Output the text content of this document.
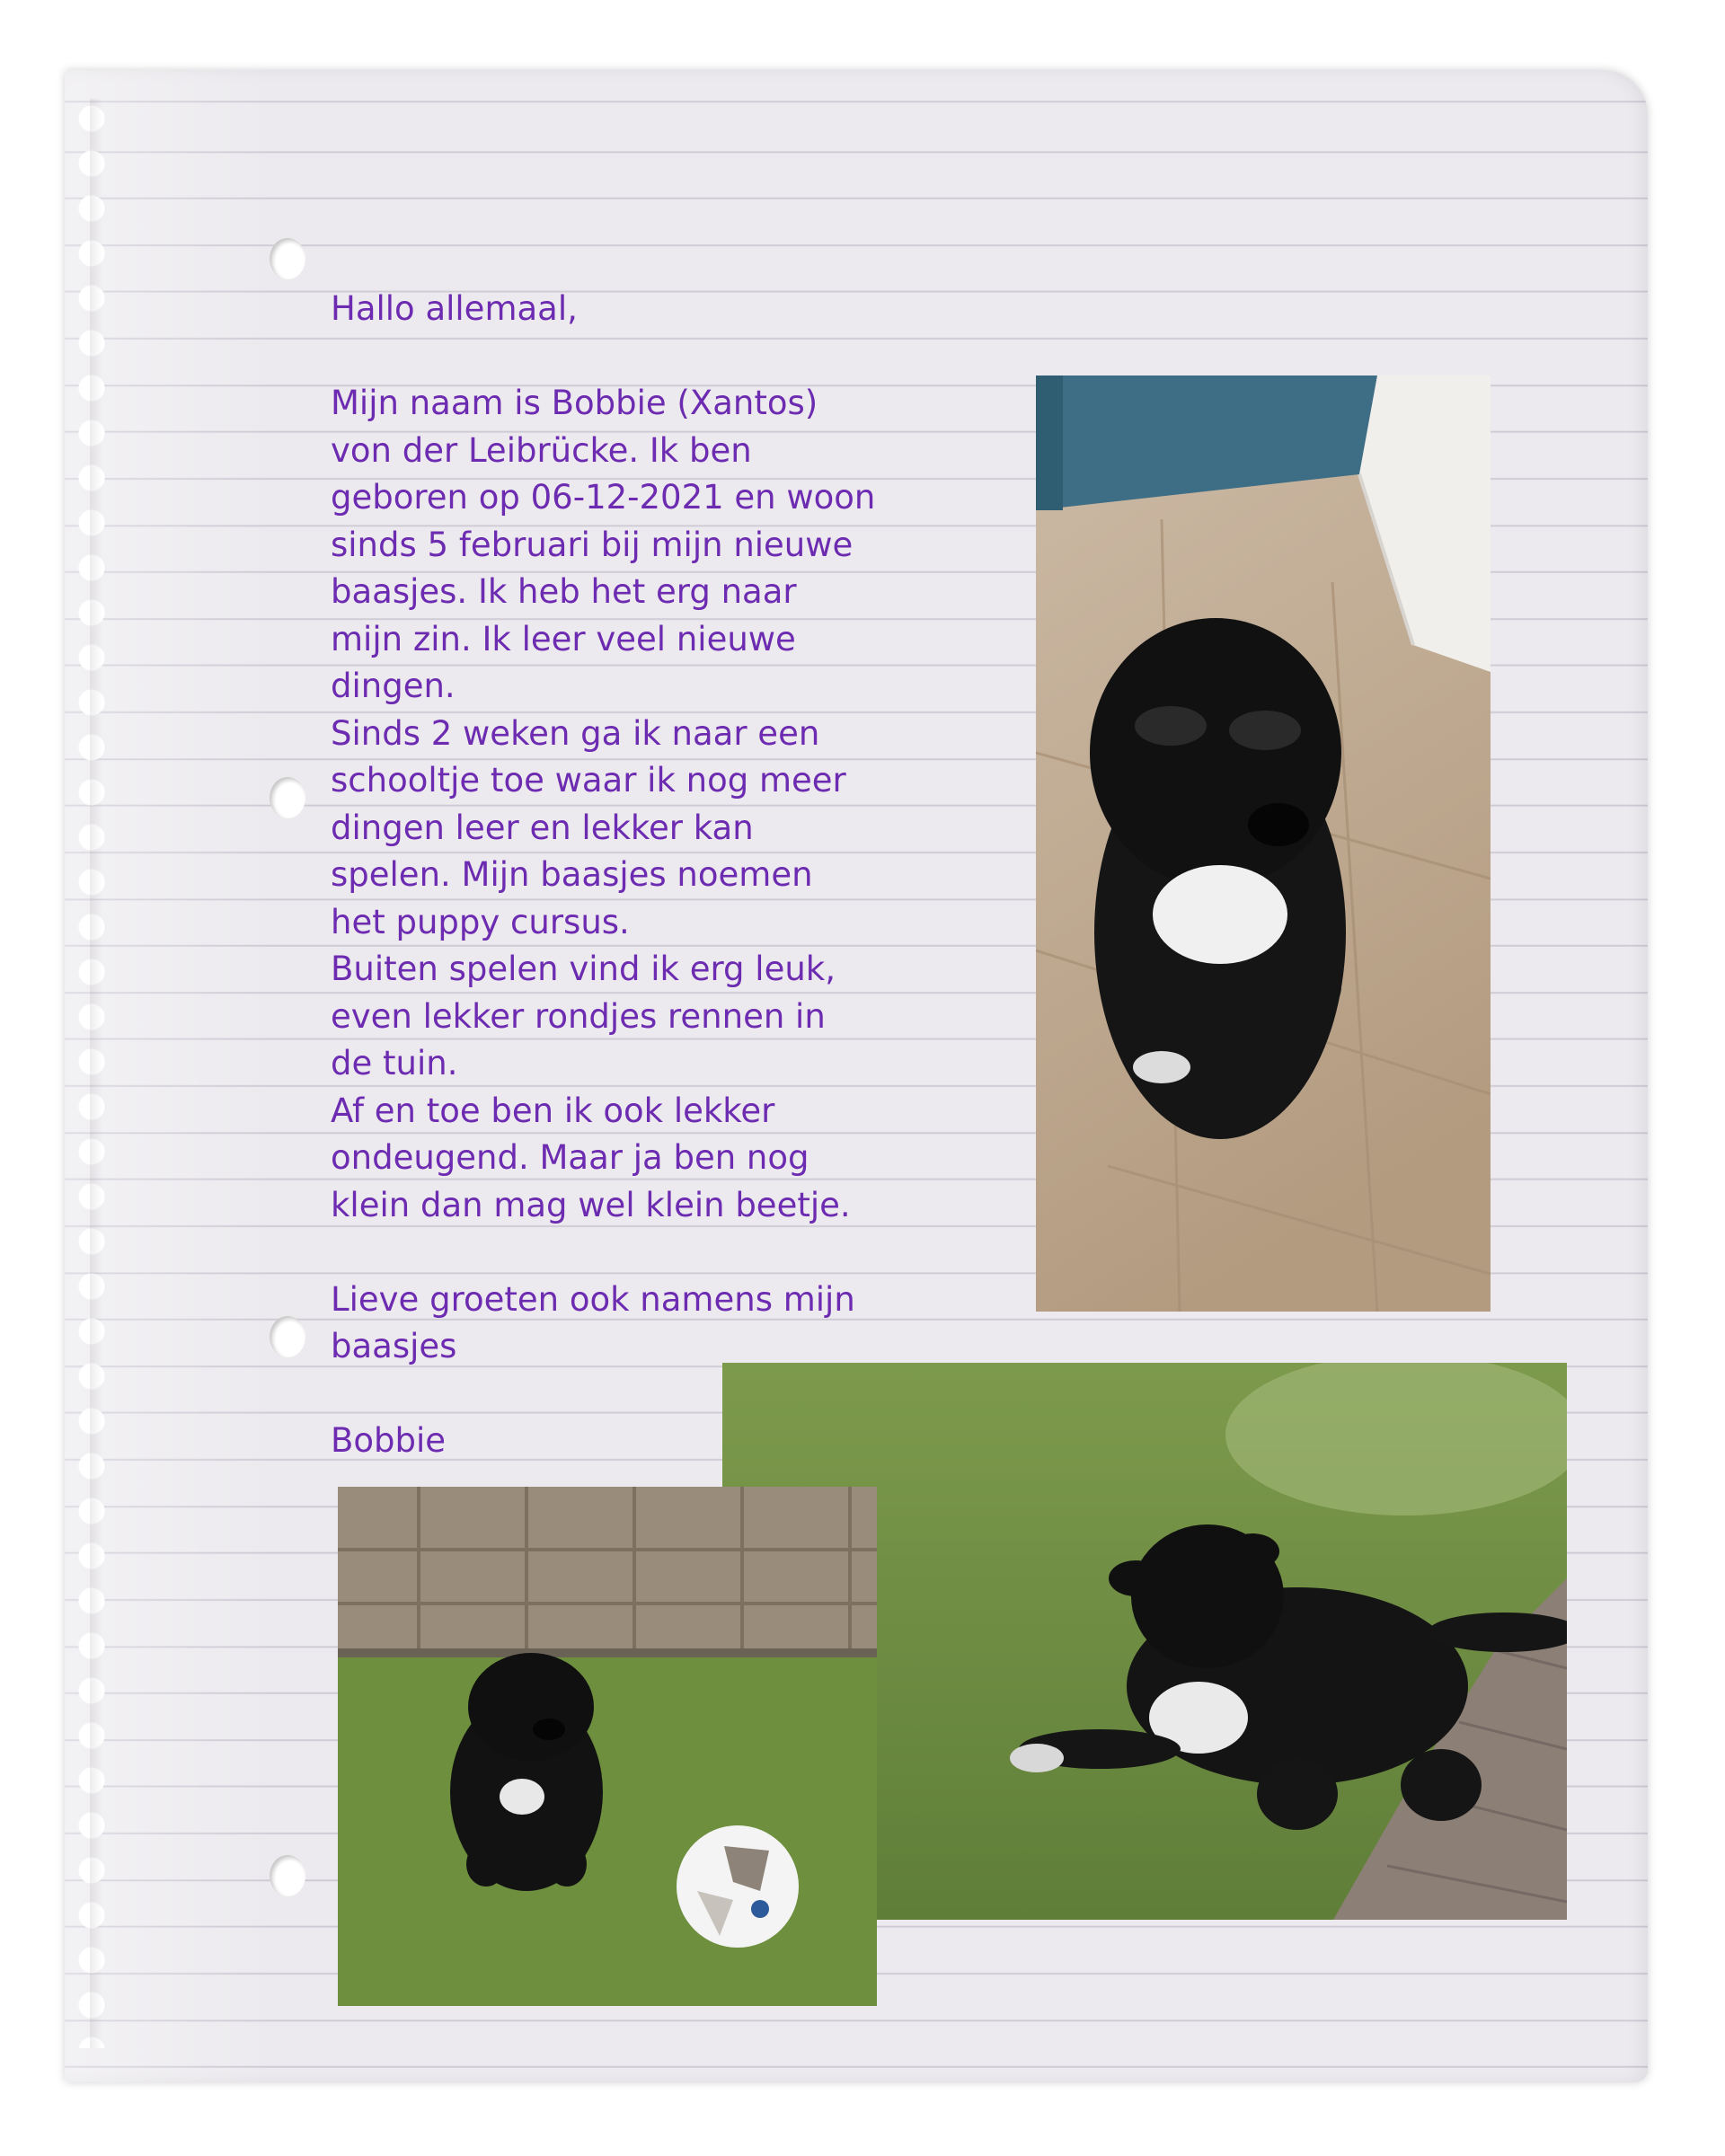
Hallo allemaal,

Mijn naam is Bobbie (Xantos)

von der Leibrücke. Ik ben

geboren op 06-12-2021 en woon

sinds 5 februari bij mijn nieuwe

baasjes. Ik heb het erg naar

mijn zin. Ik leer veel nieuwe

dingen.

Sinds 2 weken ga ik naar een

schooltje toe waar ik nog meer

dingen leer en lekker kan

spelen. Mijn baasjes noemen

het puppy cursus.

Buiten spelen vind ik erg leuk,

even lekker rondjes rennen in

de tuin.

Af en toe ben ik ook lekker

ondeugend. Maar ja ben nog

klein dan mag wel klein beetje.

Lieve groeten ook namens mijn

baasjes

Bobbie
